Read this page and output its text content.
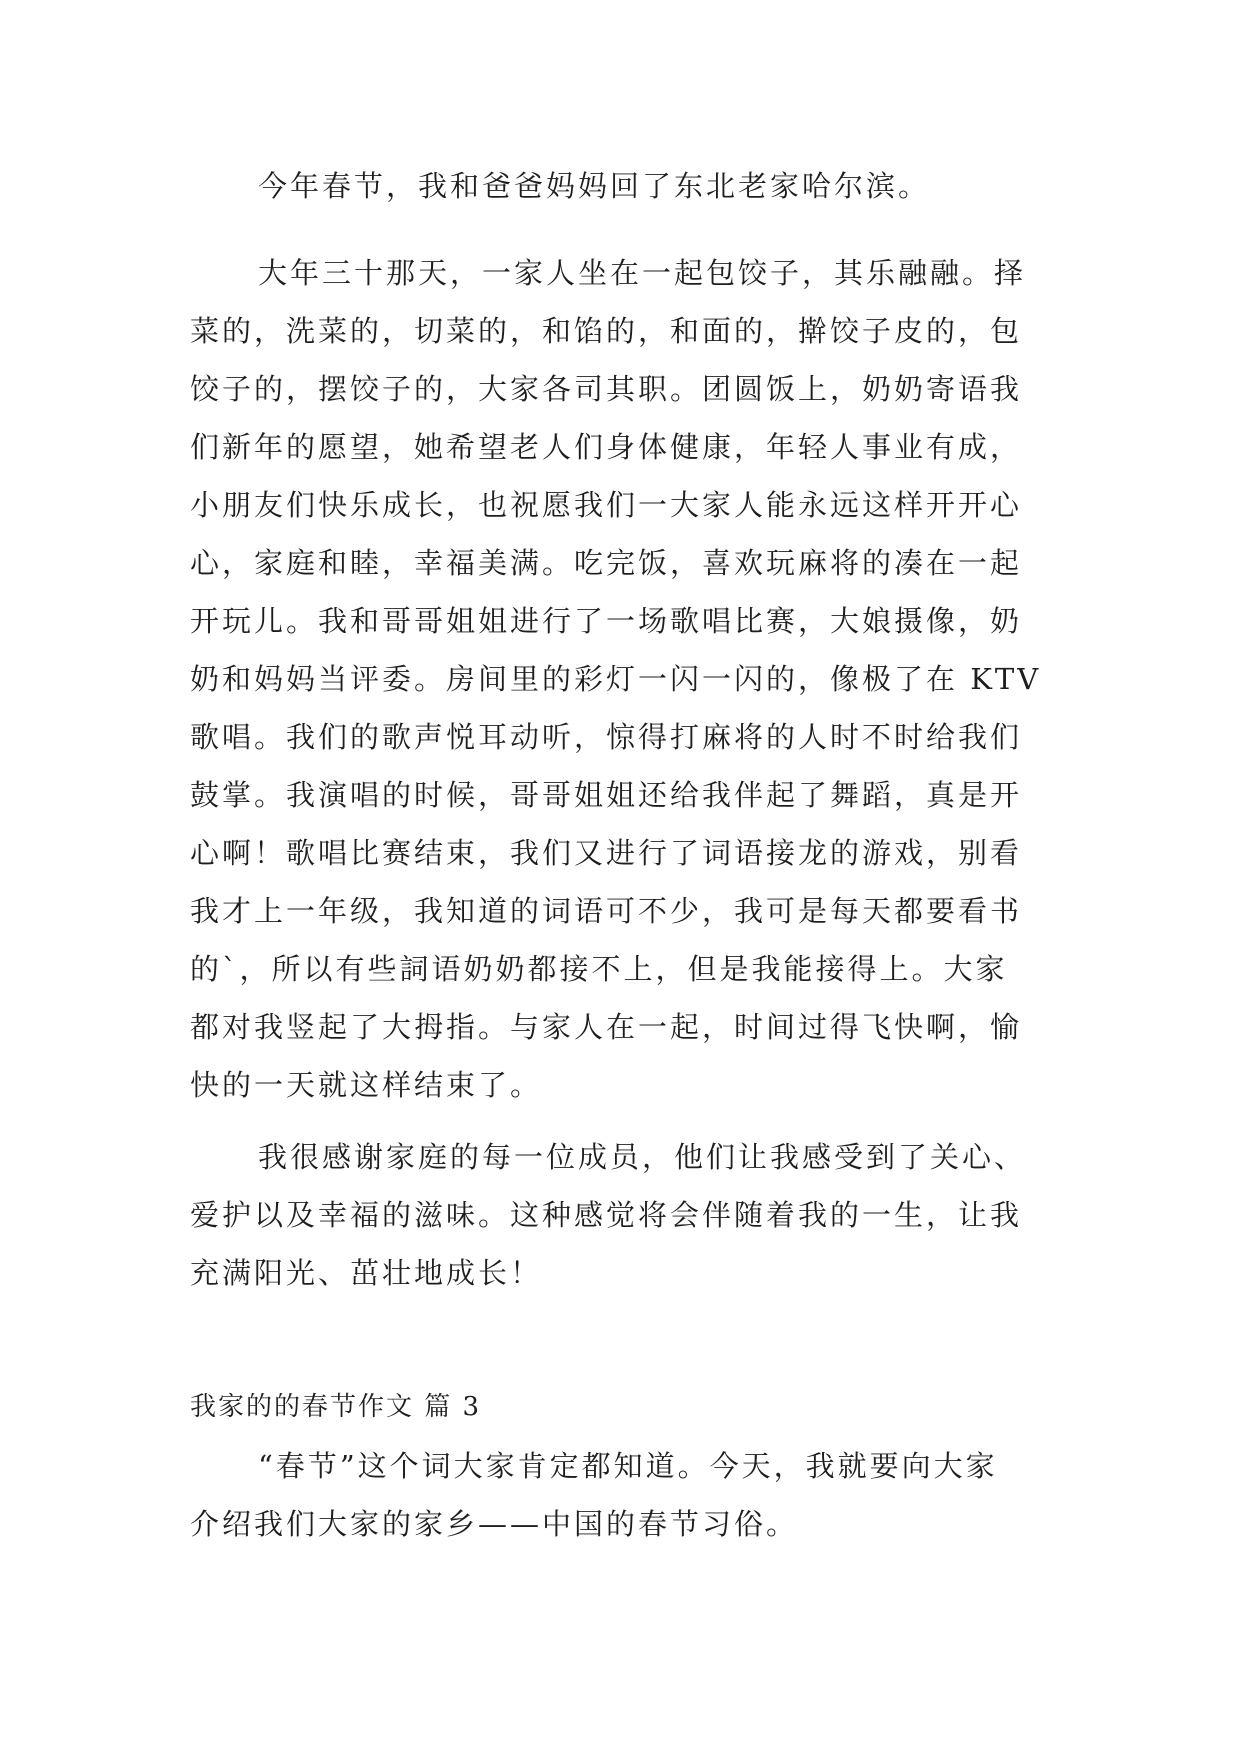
今年春节，我和爸爸妈妈回了东北老家哈尔滨。
大年三十那天，一家人坐在一起包饺子，其乐融融。择
菜的，洗菜的，切菜的，和馅的，和面的，擀饺子皮的，包
饺子的，摆饺子的，大家各司其职。团圆饭上，奶奶寄语我
们新年的愿望，她希望老人们身体健康，年轻人事业有成，
小朋友们快乐成长，也祝愿我们一大家人能永远这样开开心
心，家庭和睦，幸福美满。吃完饭，喜欢玩麻将的凑在一起
开玩儿。我和哥哥姐姐进行了一场歌唱比赛，大娘摄像，奶
奶和妈妈当评委。房间里的彩灯一闪一闪的，像极了在 KTV
歌唱。我们的歌声悦耳动听，惊得打麻将的人时不时给我们
鼓掌。我演唱的时候，哥哥姐姐还给我伴起了舞蹈，真是开
心啊！歌唱比赛结束，我们又进行了词语接龙的游戏，别看
我才上一年级，我知道的词语可不少，我可是每天都要看书
的`，所以有些詞语奶奶都接不上，但是我能接得上。大家
都对我竖起了大拇指。与家人在一起，时间过得飞快啊，愉
快的一天就这样结束了。
我很感谢家庭的每一位成员，他们让我感受到了关心、
爱护以及幸福的滋味。这种感觉将会伴随着我的一生，让我
充满阳光、茁壮地成长！
我家的的春节作文 篇 3
“春节”这个词大家肯定都知道。今天，我就要向大家
介绍我们大家的家乡——中国的春节习俗。
